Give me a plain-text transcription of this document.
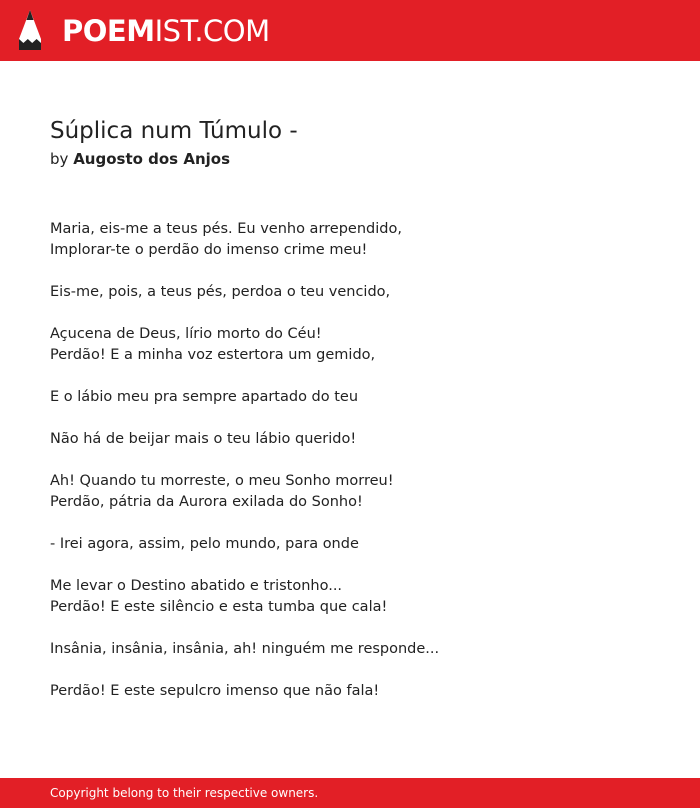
POEMIST.COM
Súplica num Túmulo -
by Augosto dos Anjos

Maria, eis-me a teus pés. Eu venho arrependido,
Implorar-te o perdão do imenso crime meu!

Eis-me, pois, a teus pés, perdoa o teu vencido,

Açucena de Deus, lírio morto do Céu!
Perdão! E a minha voz estertora um gemido,

E o lábio meu pra sempre apartado do teu

Não há de beijar mais o teu lábio querido!

Ah! Quando tu morreste, o meu Sonho morreu!
Perdão, pátria da Aurora exilada do Sonho!

- Irei agora, assim, pelo mundo, para onde

Me levar o Destino abatido e tristonho...
Perdão! E este silêncio e esta tumba que cala!

Insânia, insânia, insânia, ah! ninguém me responde...

Perdão! E este sepulcro imenso que não fala!

Copyright belong to their respective owners.
